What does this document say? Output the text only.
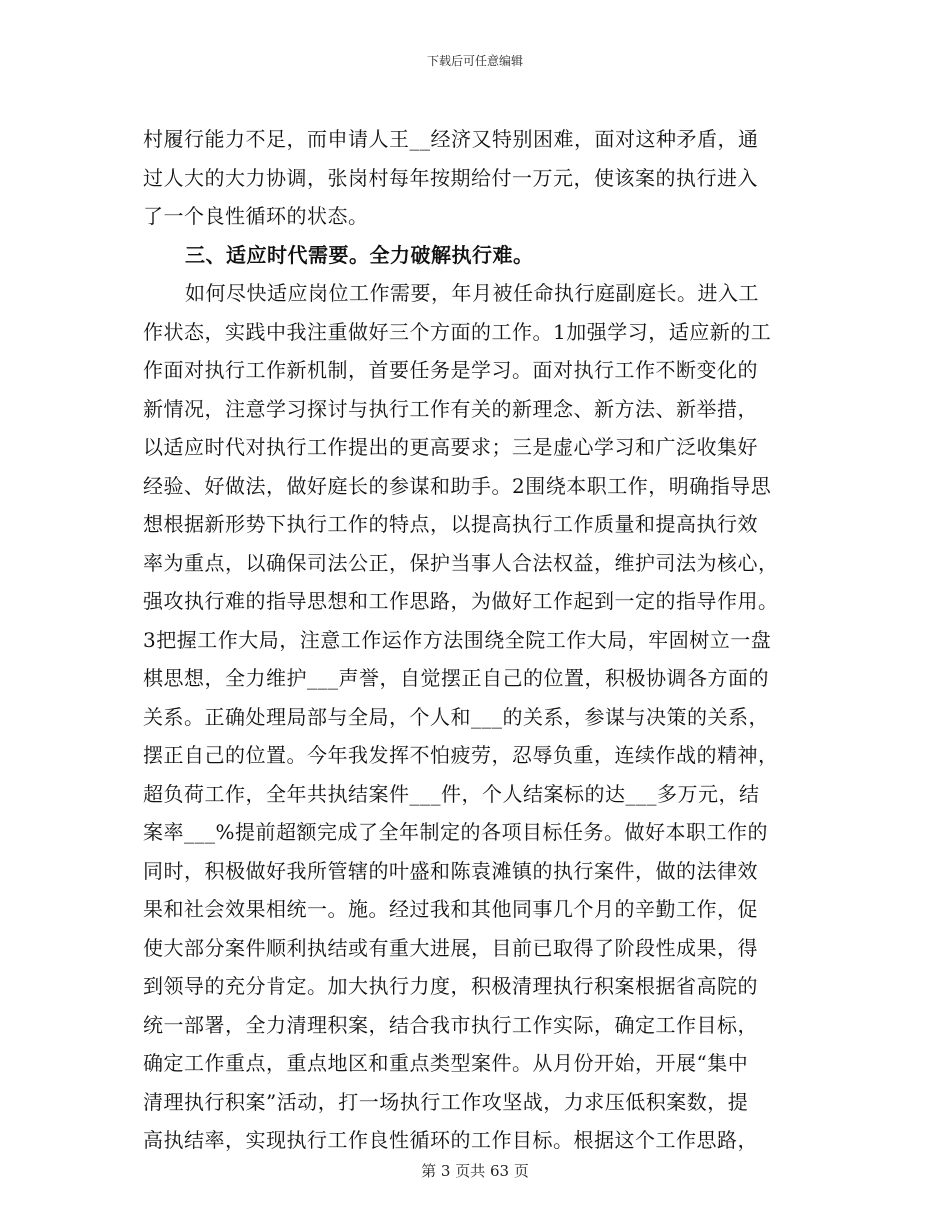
下载后可任意编辑
村履行能力不足，而申请人王__经济又特别困难，面对这种矛盾，通
过人大的大力协调，张岗村每年按期给付一万元，使该案的执行进入
了一个良性循环的状态。
三、适应时代需要。全力破解执行难。
如何尽快适应岗位工作需要，年月被任命执行庭副庭长。进入工
作状态，实践中我注重做好三个方面的工作。1加强学习，适应新的工
作面对执行工作新机制，首要任务是学习。面对执行工作不断变化的
新情况，注意学习探讨与执行工作有关的新理念、新方法、新举措，
以适应时代对执行工作提出的更高要求；三是虚心学习和广泛收集好
经验、好做法，做好庭长的参谋和助手。2围绕本职工作，明确指导思
想根据新形势下执行工作的特点，以提高执行工作质量和提高执行效
率为重点，以确保司法公正，保护当事人合法权益，维护司法为核心，
强攻执行难的指导思想和工作思路，为做好工作起到一定的指导作用。
3把握工作大局，注意工作运作方法围绕全院工作大局，牢固树立一盘
棋思想，全力维护___声誉，自觉摆正自己的位置，积极协调各方面的
关系。正确处理局部与全局，个人和___的关系，参谋与决策的关系，
摆正自己的位置。今年我发挥不怕疲劳，忍辱负重，连续作战的精神，
超负荷工作，全年共执结案件___件，个人结案标的达___多万元，结
案率___%提前超额完成了全年制定的各项目标任务。做好本职工作的
同时，积极做好我所管辖的叶盛和陈袁滩镇的执行案件，做的法律效
果和社会效果相统一。施。经过我和其他同事几个月的辛勤工作，促
使大部分案件顺利执结或有重大进展，目前已取得了阶段性成果，得
到领导的充分肯定。加大执行力度，积极清理执行积案根据省高院的
统一部署，全力清理积案，结合我市执行工作实际，确定工作目标，
确定工作重点，重点地区和重点类型案件。从月份开始，开展“集中
清理执行积案”活动，打一场执行工作攻坚战，力求压低积案数，提
高执结率，实现执行工作良性循环的工作目标。根据这个工作思路，
第 3 页共 63 页
